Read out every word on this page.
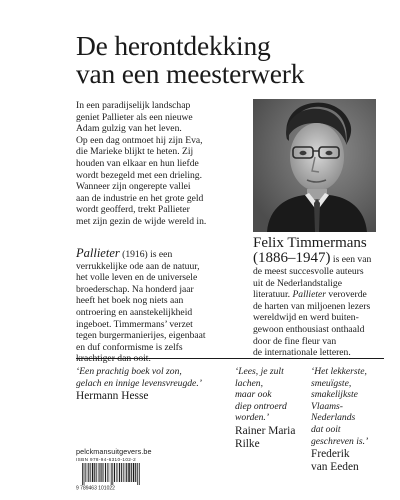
De herontdekking
van een meesterwerk
In een paradijselijk landschap
geniet Pallieter als een nieuwe
Adam gulzig van het leven.
Op een dag ontmoet hij zijn Eva,
die Marieke blijkt te heten. Zij
houden van elkaar en hun liefde
wordt bezegeld met een drieling.
Wanneer zijn ongerepte vallei
aan de industrie en het grote geld
wordt geofferd, trekt Pallieter
met zijn gezin de wijde wereld in.
Pallieter (1916) is een
verrukkelijke ode aan de natuur,
het volle leven en de universele
broederschap. Na honderd jaar
heeft het boek nog niets aan
ontroering en aanstekelijkheid
ingeboet. Timmermans’ verzet
tegen burgermanierijes, eigenbaat
en duf conformisme is zelfs
krachtiger dan ooit.
Felix Timmermans
(1886–1947) is een van
de meest succesvolle auteurs
uit de Nederlandstalige
literatuur. Pallieter veroverde
de harten van miljoenen lezers
wereldwijd en werd buiten-
gewoon enthousiast onthaald
door de fine fleur van
de internationale letteren.
‘Een prachtig boek vol zon,
gelach en innige levensvreugde.’
Hermann Hesse
‘Lees, je zult
lachen,
maar ook
diep ontroerd
worden.’
Rainer Maria
Rilke
‘Het lekkerste,
smeuïgste,
smakelijkste
Vlaams-
Nederlands
dat ooit
geschreven is.’
Frederik
van Eeden
pelckmansuitgevers.be
ISBN 978-94-6310-102-2
9 789463 101022
